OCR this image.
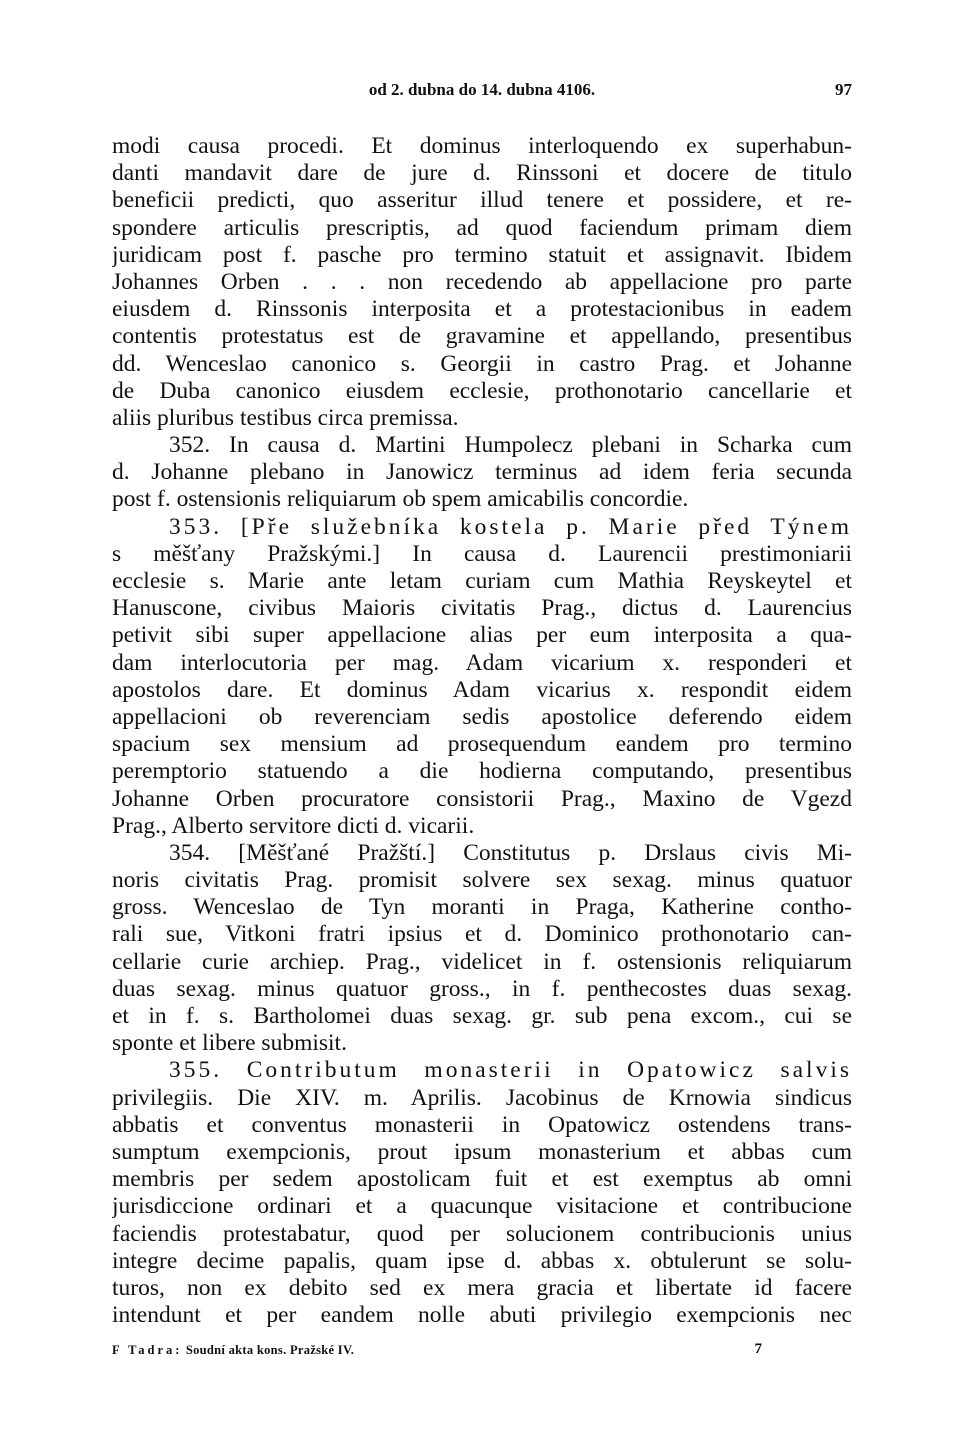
od 2. dubna do 14. dubna 4106.	97
modi causa procedi. Et dominus interloquendo ex superhabun-
danti mandavit dare de jure d. Rinssoni et docere de titulo
beneficii predicti, quo asseritur illud tenere et possidere, et re-
spondere articulis prescriptis, ad quod faciendum primam diem
juridicam post f. pasche pro termino statuit et assignavit. Ibidem
Johannes Orben . . . non recedendo ab appellacione pro parte
eiusdem d. Rinssonis interposita et a protestacionibus in eadem
contentis protestatus est de gravamine et appellando, presentibus
dd. Wenceslao canonico s. Georgii in castro Prag. et Johanne
de Duba canonico eiusdem ecclesie, prothonotario cancellarie et
aliis pluribus testibus circa premissa.
352. In causa d. Martini Humpolecz plebani in Scharka cum
d. Johanne plebano in Janowicz terminus ad idem feria secunda
post f. ostensionis reliquiarum ob spem amicabilis concordie.
353. [Pře služebníka kostela p. Marie před Týnem
s měšťany Pražskými.] In causa d. Laurencii prestimoniarii
ecclesie s. Marie ante letam curiam cum Mathia Reyskeytel et
Hanuscone, civibus Maioris civitatis Prag., dictus d. Laurencius
petivit sibi super appellacione alias per eum interposita a qua-
dam interlocutoria per mag. Adam vicarium x. responderi et
apostolos dare. Et dominus Adam vicarius x. respondit eidem
appellacioni ob reverenciam sedis apostolice deferendo eidem
spacium sex mensium ad prosequendum eandem pro termino
peremptorio statuendo a die hodierna computando, presentibus
Johanne Orben procuratore consistorii Prag., Maxino de Vgezd
Prag., Alberto servitore dicti d. vicarii.
354. [Měšťané Pražští.] Constitutus p. Drslaus civis Mi-
noris civitatis Prag. promisit solvere sex sexag. minus quatuor
gross. Wenceslao de Tyn moranti in Praga, Katherine contho-
rali sue, Vitkoni fratri ipsius et d. Dominico prothonotario can-
cellarie curie archiep. Prag., videlicet in f. ostensionis reliquiarum
duas sexag. minus quatuor gross., in f. penthecostes duas sexag.
et in f. s. Bartholomei duas sexag. gr. sub pena excom., cui se
sponte et libere submisit.
355. Contributum monasterii in Opatowicz salvis
privilegiis. Die XIV. m. Aprilis. Jacobinus de Krnowia sindicus
abbatis et conventus monasterii in Opatowicz ostendens trans-
sumptum exempcionis, prout ipsum monasterium et abbas cum
membris per sedem apostolicam fuit et est exemptus ab omni
jurisdiccione ordinari et a quacunque visitacione et contribucione
faciendis protestabatur, quod per solucionem contribucionis unius
integre decime papalis, quam ipse d. abbas x. obtulerunt se solu-
turos, non ex debito sed ex mera gracia et libertate id facere
intendunt et per eandem nolle abuti privilegio exempcionis nec
F Tadra: Soudní akta kons. Pražské IV.	7
